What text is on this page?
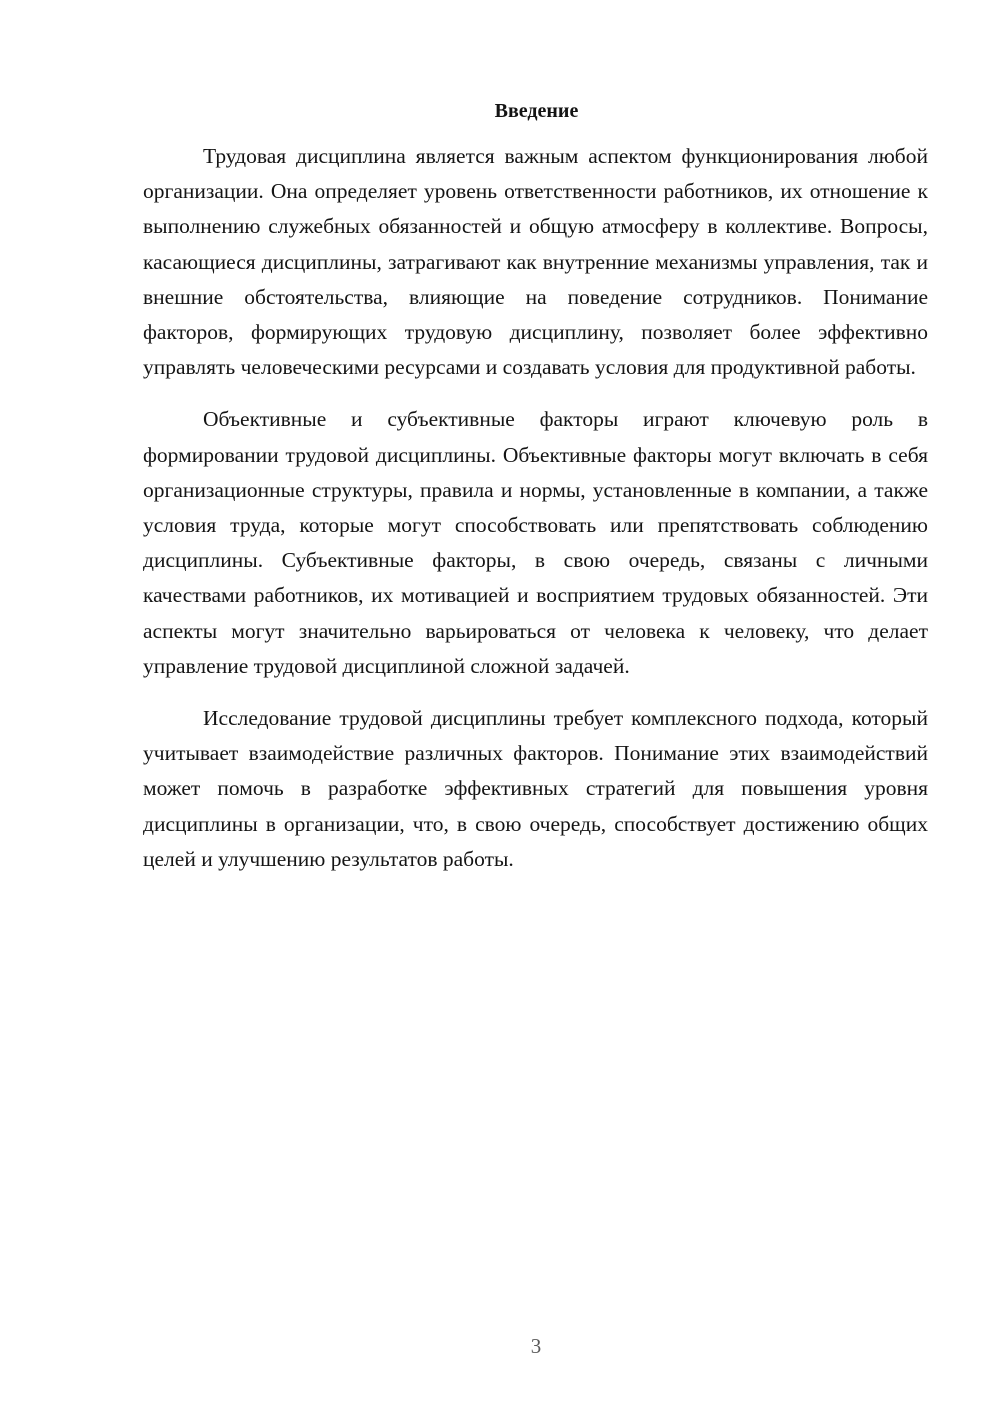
Введение

Трудовая дисциплина является важным аспектом функционирования любой организации. Она определяет уровень ответственности работников, их отношение к выполнению служебных обязанностей и общую атмосферу в коллективе. Вопросы, касающиеся дисциплины, затрагивают как внутренние механизмы управления, так и внешние обстоятельства, влияющие на поведение сотрудников. Понимание факторов, формирующих трудовую дисциплину, позволяет более эффективно управлять человеческими ресурсами и создавать условия для продуктивной работы.

Объективные и субъективные факторы играют ключевую роль в формировании трудовой дисциплины. Объективные факторы могут включать в себя организационные структуры, правила и нормы, установленные в компании, а также условия труда, которые могут способствовать или препятствовать соблюдению дисциплины. Субъективные факторы, в свою очередь, связаны с личными качествами работников, их мотивацией и восприятием трудовых обязанностей. Эти аспекты могут значительно варьироваться от человека к человеку, что делает управление трудовой дисциплиной сложной задачей.

Исследование трудовой дисциплины требует комплексного подхода, который учитывает взаимодействие различных факторов. Понимание этих взаимодействий может помочь в разработке эффективных стратегий для повышения уровня дисциплины в организации, что, в свою очередь, способствует достижению общих целей и улучшению результатов работы.

3
